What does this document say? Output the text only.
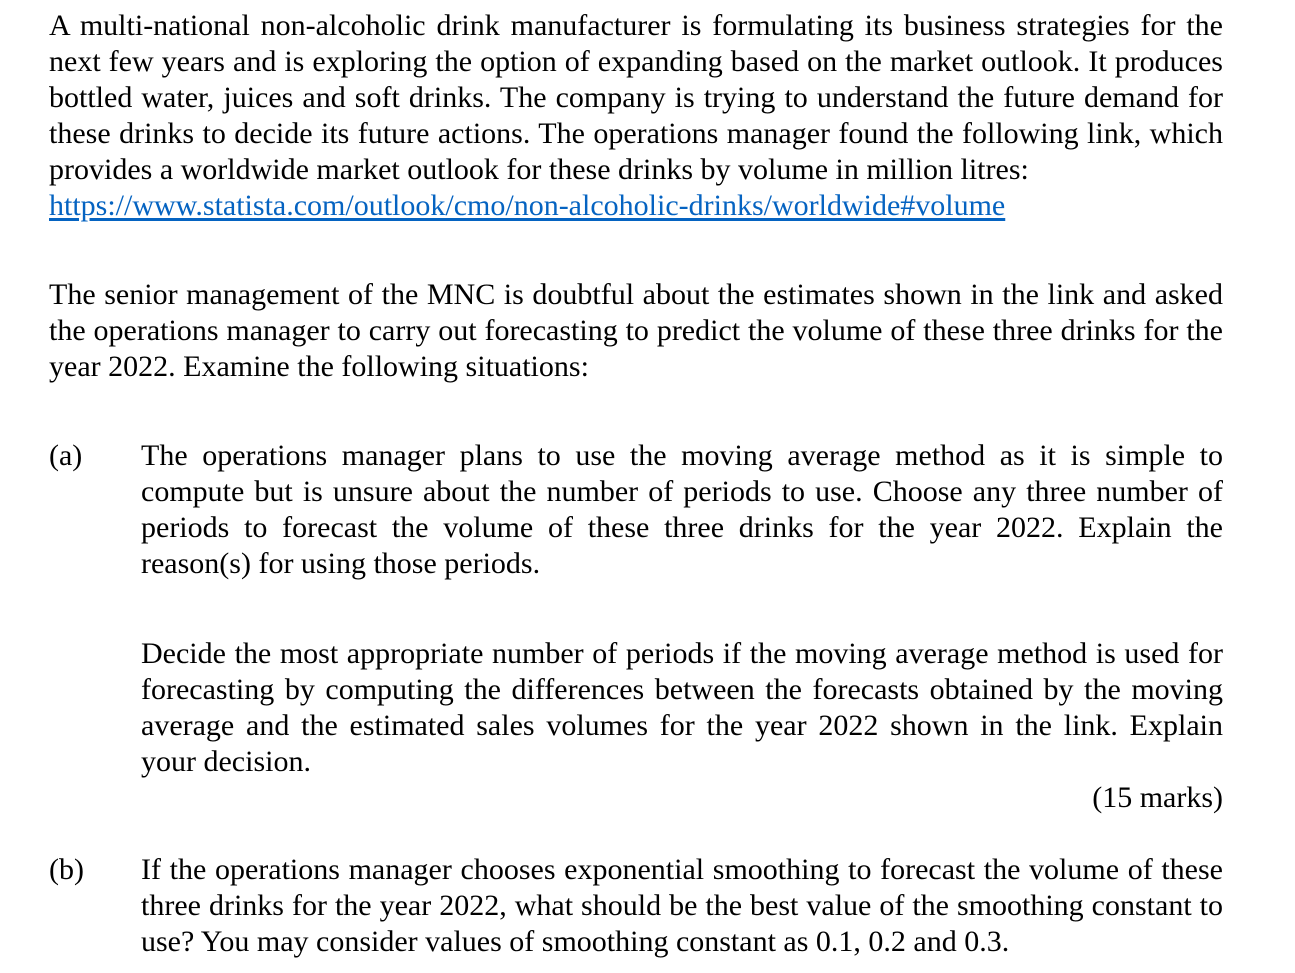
A multi-national non-alcoholic drink manufacturer is formulating its business strategies for the next few years and is exploring the option of expanding based on the market outlook. It produces bottled water, juices and soft drinks. The company is trying to understand the future demand for these drinks to decide its future actions. The operations manager found the following link, which provides a worldwide market outlook for these drinks by volume in million litres:

https://www.statista.com/outlook/cmo/non-alcoholic-drinks/worldwide#volume

The senior management of the MNC is doubtful about the estimates shown in the link and asked the operations manager to carry out forecasting to predict the volume of these three drinks for the year 2022. Examine the following situations:

(a)	The operations manager plans to use the moving average method as it is simple to compute but is unsure about the number of periods to use. Choose any three number of periods to forecast the volume of these three drinks for the year 2022. Explain the reason(s) for using those periods.

Decide the most appropriate number of periods if the moving average method is used for forecasting by computing the differences between the forecasts obtained by the moving average and the estimated sales volumes for the year 2022 shown in the link. Explain your decision.

(15 marks)

(b)	If the operations manager chooses exponential smoothing to forecast the volume of these three drinks for the year 2022, what should be the best value of the smoothing constant to use? You may consider values of smoothing constant as 0.1, 0.2 and 0.3.
